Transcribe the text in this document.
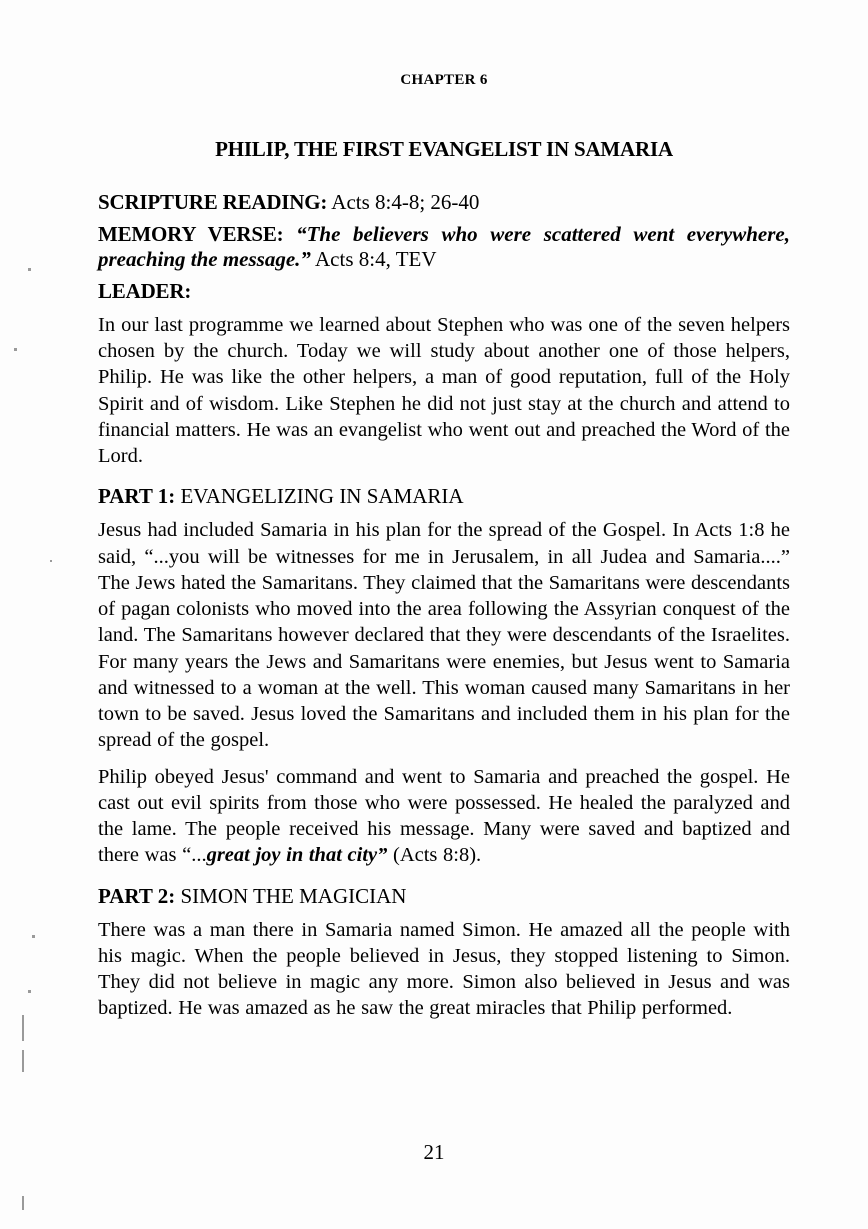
CHAPTER 6
PHILIP, THE FIRST EVANGELIST IN SAMARIA
SCRIPTURE READING: Acts 8:4-8; 26-40
MEMORY VERSE: “The believers who were scattered went everywhere, preaching the message.” Acts 8:4, TEV
LEADER:

In our last programme we learned about Stephen who was one of the seven helpers chosen by the church. Today we will study about another one of those helpers, Philip. He was like the other helpers, a man of good reputation, full of the Holy Spirit and of wisdom. Like Stephen he did not just stay at the church and attend to financial matters. He was an evangelist who went out and preached the Word of the Lord.

PART 1: EVANGELIZING IN SAMARIA

Jesus had included Samaria in his plan for the spread of the Gospel. In Acts 1:8 he said, “...you will be witnesses for me in Jerusalem, in all Judea and Samaria....” The Jews hated the Samaritans. They claimed that the Samaritans were descendants of pagan colonists who moved into the area following the Assyrian conquest of the land. The Samaritans however declared that they were descendants of the Israelites. For many years the Jews and Samaritans were enemies, but Jesus went to Samaria and witnessed to a woman at the well. This woman caused many Samaritans in her town to be saved. Jesus loved the Samaritans and included them in his plan for the spread of the gospel.

Philip obeyed Jesus' command and went to Samaria and preached the gospel. He cast out evil spirits from those who were possessed. He healed the paralyzed and the lame. The people received his message. Many were saved and baptized and there was “...great joy in that city” (Acts 8:8).

PART 2: SIMON THE MAGICIAN

There was a man there in Samaria named Simon. He amazed all the people with his magic. When the people believed in Jesus, they stopped listening to Simon. They did not believe in magic any more. Simon also believed in Jesus and was baptized. He was amazed as he saw the great miracles that Philip performed.

21
